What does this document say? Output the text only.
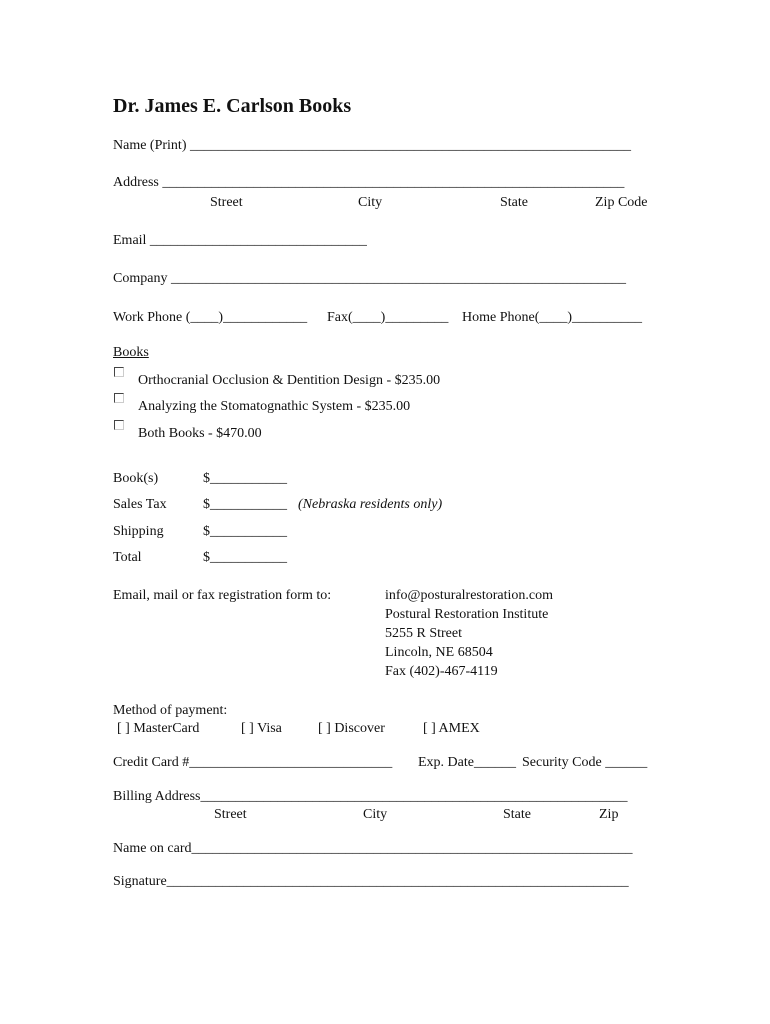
Dr. James E. Carlson Books
Name (Print) _______________________________________________________________
Address __________________________________________________________________
Street	City	State	Zip Code
Email _______________________________
Company _________________________________________________________________
Work Phone (____)____________ Fax(____)_________ Home Phone(____)__________
Books
Orthocranial Occlusion & Dentition Design - $235.00
Analyzing the Stomatognathic System - $235.00
Both Books - $470.00
Book(s)	$___________
Sales Tax	$___________ (Nebraska residents only)
Shipping	$___________
Total	$___________
Email, mail or fax registration form to:	info@posturalrestoration.com
Postural Restoration Institute
5255 R Street
Lincoln, NE 68504
Fax (402)-467-4119
Method of payment:
[ ] MasterCard	[ ] Visa	[ ] Discover	[ ] AMEX
Credit Card #_____________________________ Exp. Date______ Security Code ______
Billing Address_____________________________________________________________
Street	City	State	Zip
Name on card_______________________________________________________________
Signature__________________________________________________________________
